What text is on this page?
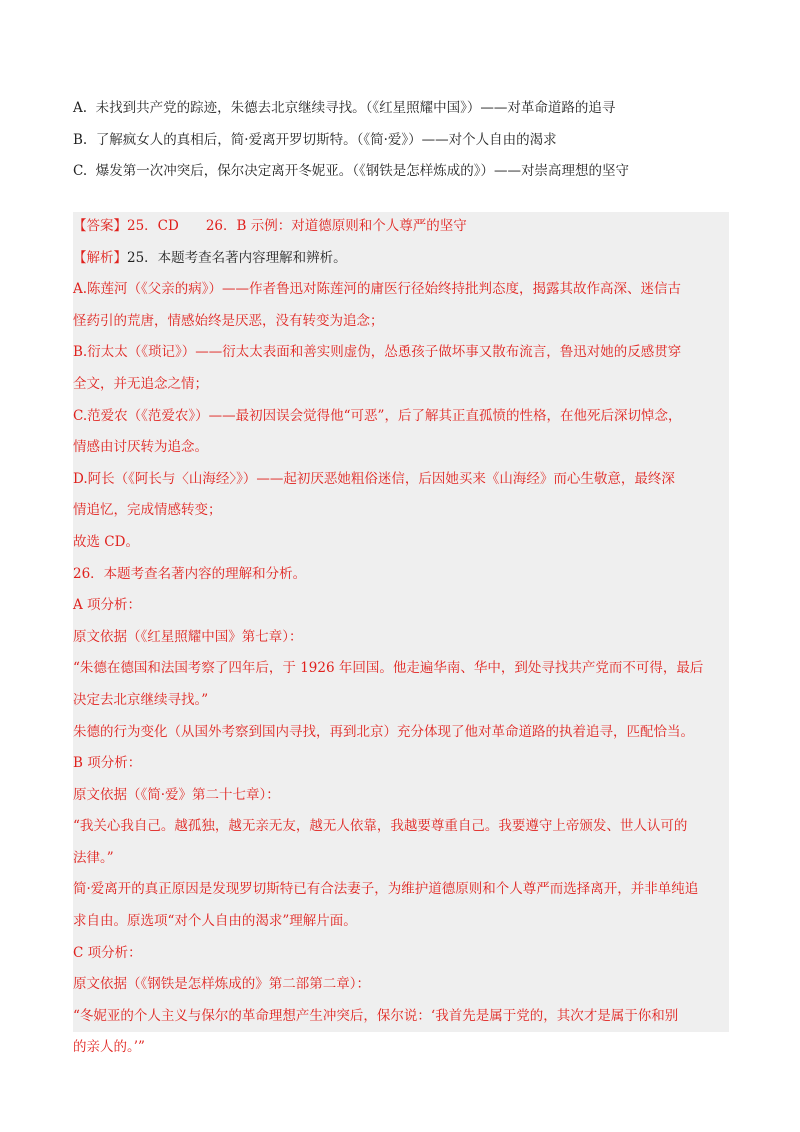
A. 未找到共产党的踪迹，朱德去北京继续寻找。（《红星照耀中国》）——对革命道路的追寻
B. 了解疯女人的真相后，简·爱离开罗切斯特。（《简·爱》）——对个人自由的渴求
C. 爆发第一次冲突后，保尔决定离开冬妮亚。（《钢铁是怎样炼成的》）——对崇高理想的坚守
【答案】25．CD　　26．B 示例：对道德原则和个人尊严的坚守
【解析】25．本题考查名著内容理解和辨析。
A.陈莲河（《父亲的病》）——作者鲁迅对陈莲河的庸医行径始终持批判态度，揭露其故作高深、迷信古
怪药引的荒唐，情感始终是厌恶，没有转变为追念；
B.衍太太（《琐记》）——衍太太表面和善实则虚伪，怂恿孩子做坏事又散布流言，鲁迅对她的反感贯穿
全文，并无追念之情；
C.范爱农（《范爱农》）——最初因误会觉得他“可恶”，后了解其正直孤愤的性格，在他死后深切悼念，
情感由讨厌转为追念。
D.阿长（《阿长与〈山海经〉》）——起初厌恶她粗俗迷信，后因她买来《山海经》而心生敬意，最终深
情追忆，完成情感转变；
故选 CD。
26．本题考查名著内容的理解和分析。
A 项分析：
原文依据（《红星照耀中国》第七章）：
“朱德在德国和法国考察了四年后，于 1926 年回国。他走遍华南、华中，到处寻找共产党而不可得，最后
决定去北京继续寻找。”
朱德的行为变化（从国外考察到国内寻找，再到北京）充分体现了他对革命道路的执着追寻，匹配恰当。
B 项分析：
原文依据（《简·爱》第二十七章）：
“我关心我自己。越孤独，越无亲无友，越无人依靠，我越要尊重自己。我要遵守上帝颁发、世人认可的
法律。”
简·爱离开的真正原因是发现罗切斯特已有合法妻子，为维护道德原则和个人尊严而选择离开，并非单纯追
求自由。原选项“对个人自由的渴求”理解片面。
C 项分析：
原文依据（《钢铁是怎样炼成的》第二部第二章）：
“冬妮亚的个人主义与保尔的革命理想产生冲突后，保尔说：‘我首先是属于党的，其次才是属于你和别
的亲人的。’”
